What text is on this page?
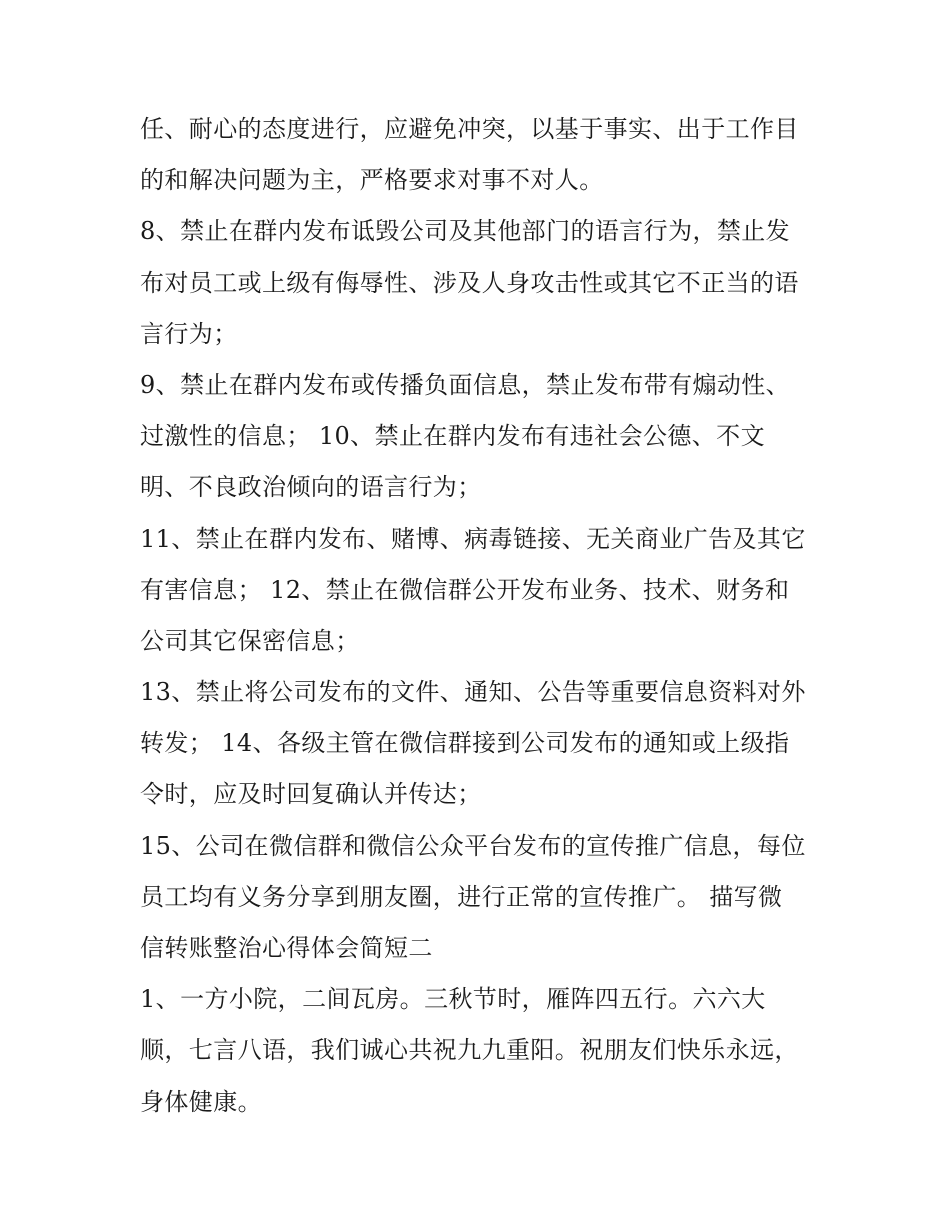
任、耐心的态度进行，应避免冲突，以基于事实、出于工作目
的和解决问题为主，严格要求对事不对人。
8、禁止在群内发布诋毁公司及其他部门的语言行为，禁止发
布对员工或上级有侮辱性、涉及人身攻击性或其它不正当的语
言行为；
9、禁止在群内发布或传播负面信息，禁止发布带有煽动性、
过激性的信息； 10、禁止在群内发布有违社会公德、不文
明、不良政治倾向的语言行为；
11、禁止在群内发布、赌博、病毒链接、无关商业广告及其它
有害信息； 12、禁止在微信群公开发布业务、技术、财务和
公司其它保密信息；
13、禁止将公司发布的文件、通知、公告等重要信息资料对外
转发； 14、各级主管在微信群接到公司发布的通知或上级指
令时，应及时回复确认并传达；
15、公司在微信群和微信公众平台发布的宣传推广信息，每位
员工均有义务分享到朋友圈，进行正常的宣传推广。 描写微
信转账整治心得体会简短二
1、一方小院，二间瓦房。三秋节时，雁阵四五行。六六大
顺，七言八语，我们诚心共祝九九重阳。祝朋友们快乐永远，
身体健康。
